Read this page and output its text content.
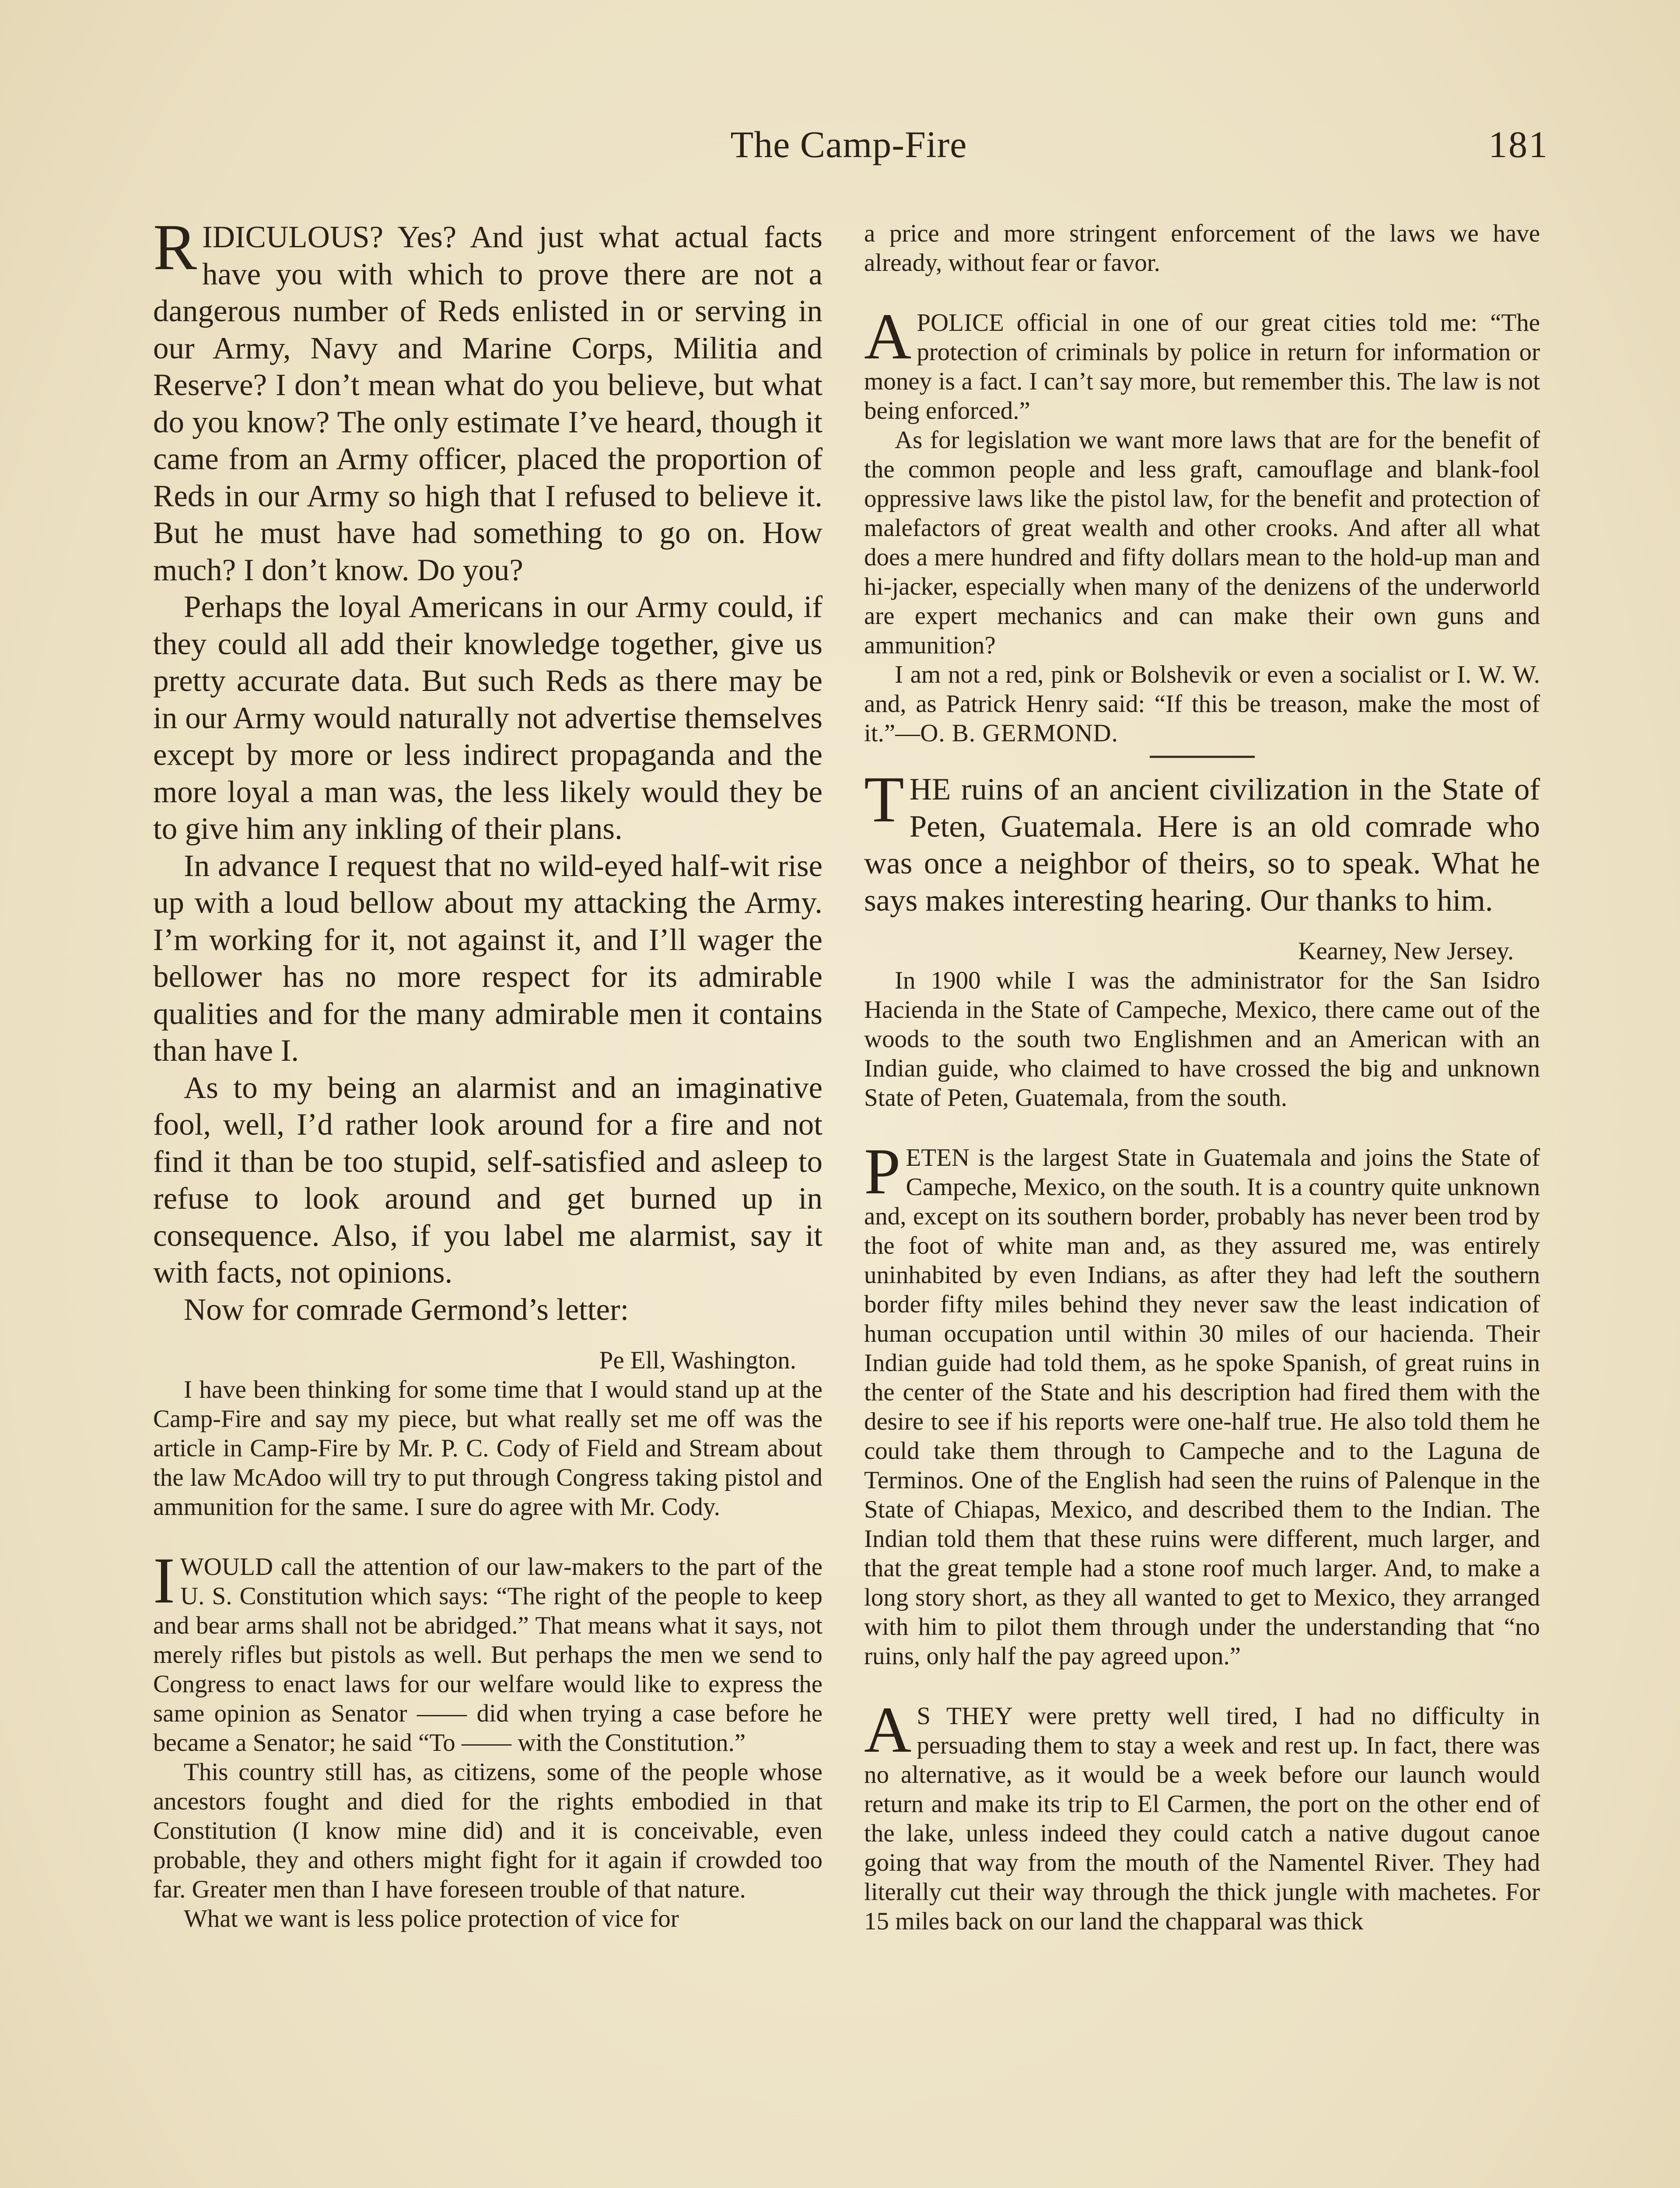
The Camp-Fire	181

RIDICULOUS? Yes? And just what actual facts have you with which to prove there are not a dangerous number of Reds enlisted in or serving in our Army, Navy and Marine Corps, Militia and Reserve? I don’t mean what do you believe, but what do you know? The only estimate I’ve heard, though it came from an Army officer, placed the proportion of Reds in our Army so high that I refused to believe it. But he must have had something to go on. How much? I don’t know. Do you?

Perhaps the loyal Americans in our Army could, if they could all add their knowledge together, give us pretty accurate data. But such Reds as there may be in our Army would naturally not advertise themselves except by more or less indirect propaganda and the more loyal a man was, the less likely would they be to give him any inkling of their plans.

In advance I request that no wild-eyed half-wit rise up with a loud bellow about my attacking the Army. I’m working for it, not against it, and I’ll wager the bellower has no more respect for its admirable qualities and for the many admirable men it contains than have I.

As to my being an alarmist and an imaginative fool, well, I’d rather look around for a fire and not find it than be too stupid, self-satisfied and asleep to refuse to look around and get burned up in consequence. Also, if you label me alarmist, say it with facts, not opinions.

Now for comrade Germond’s letter:

Pe Ell, Washington.

I have been thinking for some time that I would stand up at the Camp-Fire and say my piece, but what really set me off was the article in Camp-Fire by Mr. P. C. Cody of Field and Stream about the law McAdoo will try to put through Congress taking pistol and ammunition for the same. I sure do agree with Mr. Cody.

IWOULD call the attention of our law-makers to the part of the U. S. Constitution which says: “The right of the people to keep and bear arms shall not be abridged.” That means what it says, not merely rifles but pistols as well. But perhaps the men we send to Congress to enact laws for our welfare would like to express the same opinion as Senator —— did when trying a case before he became a Senator; he said “To —— with the Constitution.”

This country still has, as citizens, some of the people whose ancestors fought and died for the rights embodied in that Constitution (I know mine did) and it is conceivable, even probable, they and others might fight for it again if crowded too far. Greater men than I have foreseen trouble of that nature.

What we want is less police protection of vice for

a price and more stringent enforcement of the laws we have already, without fear or favor.

APOLICE official in one of our great cities told me: “The protection of criminals by police in return for information or money is a fact. I can’t say more, but remember this. The law is not being enforced.”

As for legislation we want more laws that are for the benefit of the common people and less graft, camouflage and blank-fool oppressive laws like the pistol law, for the benefit and protection of malefactors of great wealth and other crooks. And after all what does a mere hundred and fifty dollars mean to the hold-up man and hi-jacker, especially when many of the denizens of the underworld are expert mechanics and can make their own guns and ammunition?

I am not a red, pink or Bolshevik or even a socialist or I. W. W. and, as Patrick Henry said: “If this be treason, make the most of it.”—O. B. GERMOND.

THE ruins of an ancient civilization in the State of Peten, Guatemala. Here is an old comrade who was once a neighbor of theirs, so to speak. What he says makes interesting hearing. Our thanks to him.

Kearney, New Jersey.

In 1900 while I was the administrator for the San Isidro Hacienda in the State of Campeche, Mexico, there came out of the woods to the south two Englishmen and an American with an Indian guide, who claimed to have crossed the big and unknown State of Peten, Guatemala, from the south.

PETEN is the largest State in Guatemala and joins the State of Campeche, Mexico, on the south. It is a country quite unknown and, except on its southern border, probably has never been trod by the foot of white man and, as they assured me, was entirely uninhabited by even Indians, as after they had left the southern border fifty miles behind they never saw the least indication of human occupation until within 30 miles of our hacienda. Their Indian guide had told them, as he spoke Spanish, of great ruins in the center of the State and his description had fired them with the desire to see if his reports were one-half true. He also told them he could take them through to Campeche and to the Laguna de Terminos. One of the English had seen the ruins of Palenque in the State of Chiapas, Mexico, and described them to the Indian. The Indian told them that these ruins were different, much larger, and that the great temple had a stone roof much larger. And, to make a long story short, as they all wanted to get to Mexico, they arranged with him to pilot them through under the understanding that “no ruins, only half the pay agreed upon.”

AS THEY were pretty well tired, I had no difficulty in persuading them to stay a week and rest up. In fact, there was no alternative, as it would be a week before our launch would return and make its trip to El Carmen, the port on the other end of the lake, unless indeed they could catch a native dugout canoe going that way from the mouth of the Namentel River. They had literally cut their way through the thick jungle with machetes. For 15 miles back on our land the chapparal was thick
